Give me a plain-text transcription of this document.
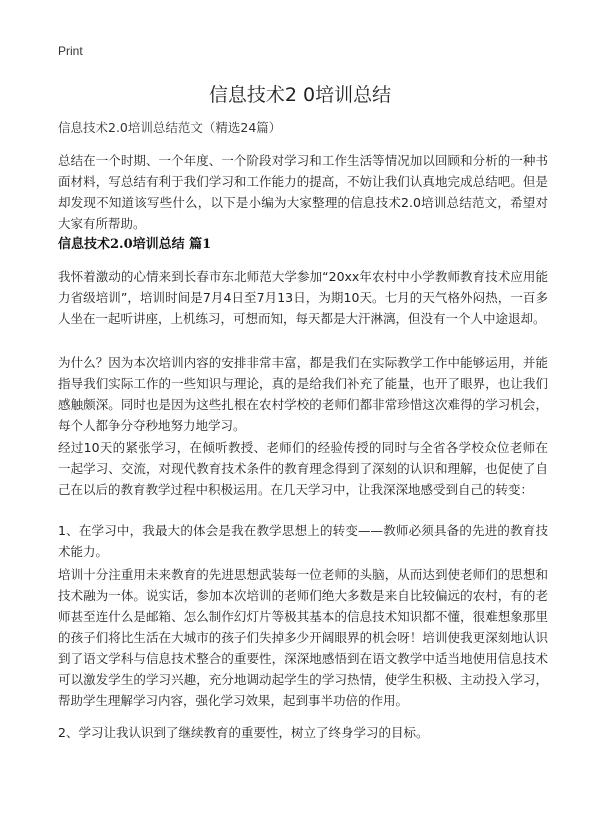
Print
信息技术2 0培训总结

信息技术2.0培训总结范文（精选24篇）

总结在一个时期、一个年度、一个阶段对学习和工作生活等情况加以回顾和分析的一种书面材料，写总结有利于我们学习和工作能力的提高，不妨让我们认真地完成总结吧。但是却发现不知道该写些什么，以下是小编为大家整理的信息技术2.0培训总结范文，希望对大家有所帮助。

信息技术2.0培训总结 篇1

我怀着激动的心情来到长春市东北师范大学参加“20xx年农村中小学教师教育技术应用能力省级培训”，培训时间是7月4日至7月13日，为期10天。七月的天气格外闷热，一百多人坐在一起听讲座，上机练习，可想而知，每天都是大汗淋漓，但没有一个人中途退却。

为什么？因为本次培训内容的安排非常丰富，都是我们在实际教学工作中能够运用，并能指导我们实际工作的一些知识与理论，真的是给我们补充了能量，也开了眼界，也让我们感触颇深。同时也是因为这些扎根在农村学校的老师们都非常珍惜这次难得的学习机会，每个人都争分夺秒地努力地学习。

经过10天的紧张学习，在倾听教授、老师们的经验传授的同时与全省各学校众位老师在一起学习、交流，对现代教育技术条件的教育理念得到了深刻的认识和理解，也促使了自己在以后的教育教学过程中积极运用。在几天学习中，让我深深地感受到自己的转变：

1、在学习中，我最大的体会是我在教学思想上的转变——教师必须具备的先进的教育技术能力。

培训十分注重用未来教育的先进思想武装每一位老师的头脑，从而达到使老师们的思想和技术融为一体。说实话，参加本次培训的老师们绝大多数是来自比较偏远的农村，有的老师甚至连什么是邮箱、怎么制作幻灯片等极其基本的信息技术知识都不懂，很难想象那里的孩子们将比生活在大城市的孩子们失掉多少开阔眼界的机会呀！培训使我更深刻地认识到了语文学科与信息技术整合的重要性，深深地感悟到在语文教学中适当地使用信息技术可以激发学生的学习兴趣，充分地调动起学生的学习热情，使学生积极、主动投入学习，帮助学生理解学习内容，强化学习效果，起到事半功倍的作用。

2、学习让我认识到了继续教育的重要性，树立了终身学习的目标。
